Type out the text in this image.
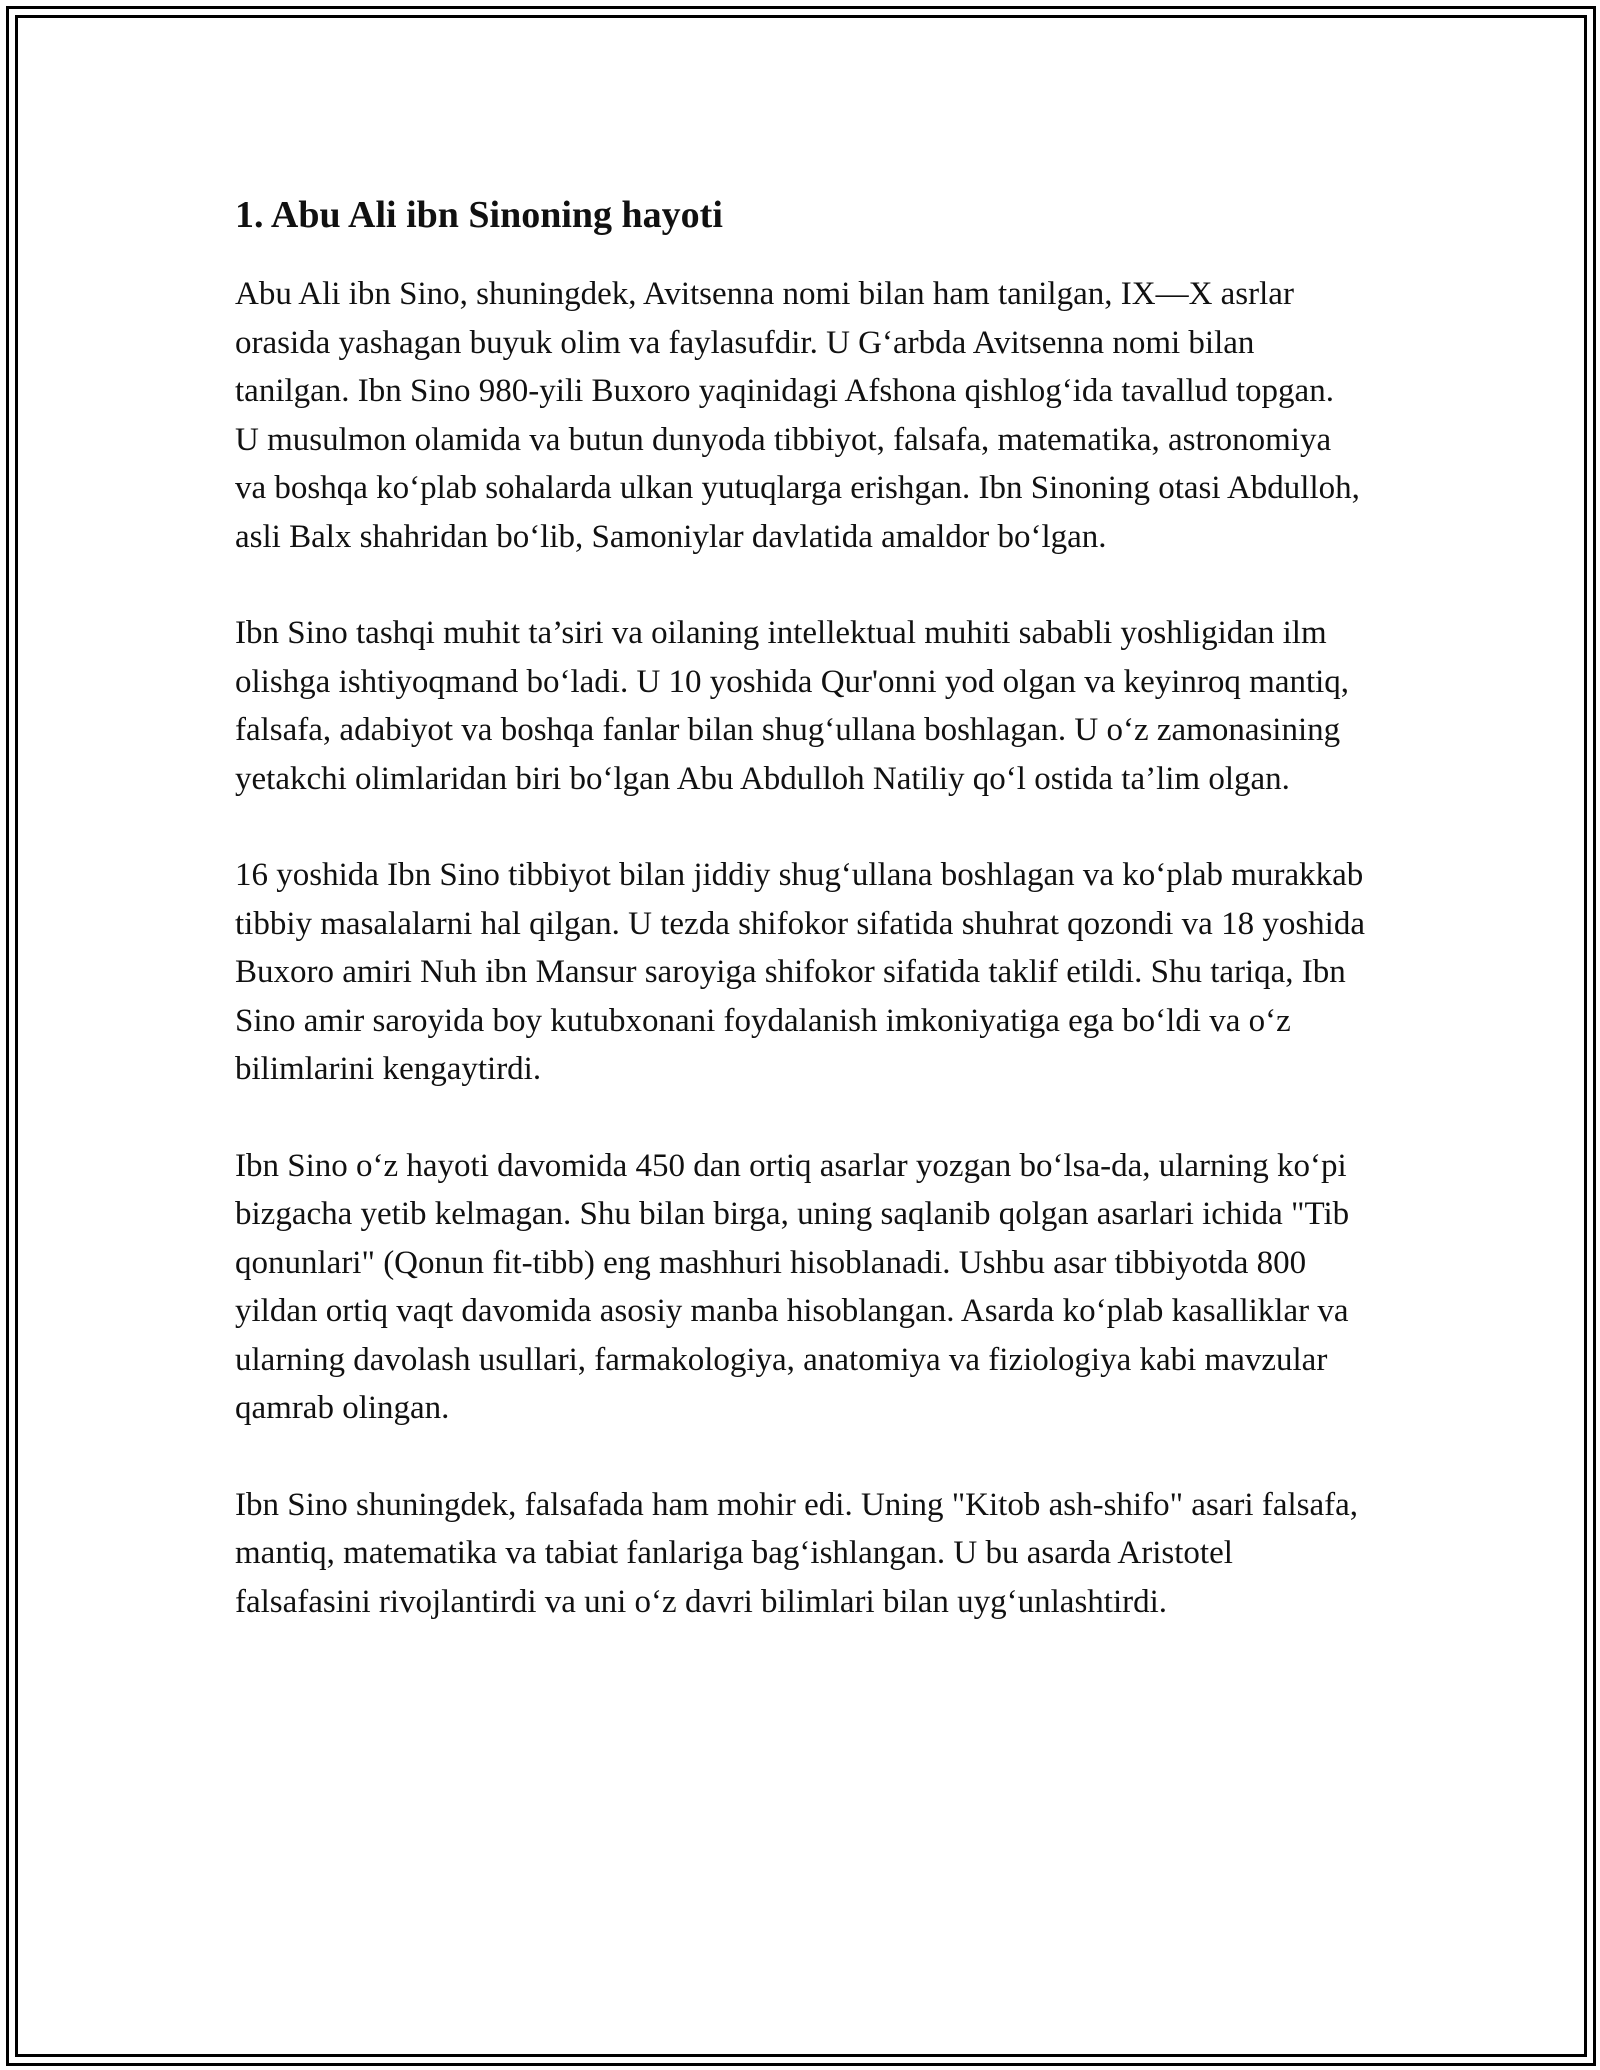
1. Abu Ali ibn Sinoning hayoti

Abu Ali ibn Sino, shuningdek, Avitsenna nomi bilan ham tanilgan, IX—X asrlar orasida yashagan buyuk olim va faylasufdir. U G‘arbda Avitsenna nomi bilan tanilgan. Ibn Sino 980-yili Buxoro yaqinidagi Afshona qishlog‘ida tavallud topgan. U musulmon olamida va butun dunyoda tibbiyot, falsafa, matematika, astronomiya va boshqa ko‘plab sohalarda ulkan yutuqlarga erishgan. Ibn Sinoning otasi Abdulloh, asli Balx shahridan bo‘lib, Samoniylar davlatida amaldor bo‘lgan.

Ibn Sino tashqi muhit ta’siri va oilaning intellektual muhiti sababli yoshligidan ilm olishga ishtiyoqmand bo‘ladi. U 10 yoshida Qur'onni yod olgan va keyinroq mantiq, falsafa, adabiyot va boshqa fanlar bilan shug‘ullana boshlagan. U o‘z zamonasining yetakchi olimlaridan biri bo‘lgan Abu Abdulloh Natiliy qo‘l ostida ta’lim olgan.

16 yoshida Ibn Sino tibbiyot bilan jiddiy shug‘ullana boshlagan va ko‘plab murakkab tibbiy masalalarni hal qilgan. U tezda shifokor sifatida shuhrat qozondi va 18 yoshida Buxoro amiri Nuh ibn Mansur saroyiga shifokor sifatida taklif etildi. Shu tariqa, Ibn Sino amir saroyida boy kutubxonani foydalanish imkoniyatiga ega bo‘ldi va o‘z bilimlarini kengaytirdi.

Ibn Sino o‘z hayoti davomida 450 dan ortiq asarlar yozgan bo‘lsa-da, ularning ko‘pi bizgacha yetib kelmagan. Shu bilan birga, uning saqlanib qolgan asarlari ichida "Tib qonunlari" (Qonun fit-tibb) eng mashhuri hisoblanadi. Ushbu asar tibbiyotda 800 yildan ortiq vaqt davomida asosiy manba hisoblangan. Asarda ko‘plab kasalliklar va ularning davolash usullari, farmakologiya, anatomiya va fiziologiya kabi mavzular qamrab olingan.

Ibn Sino shuningdek, falsafada ham mohir edi. Uning "Kitob ash-shifo" asari falsafa, mantiq, matematika va tabiat fanlariga bag‘ishlangan. U bu asarda Aristotel falsafasini rivojlantirdi va uni o‘z davri bilimlari bilan uyg‘unlashtirdi.
